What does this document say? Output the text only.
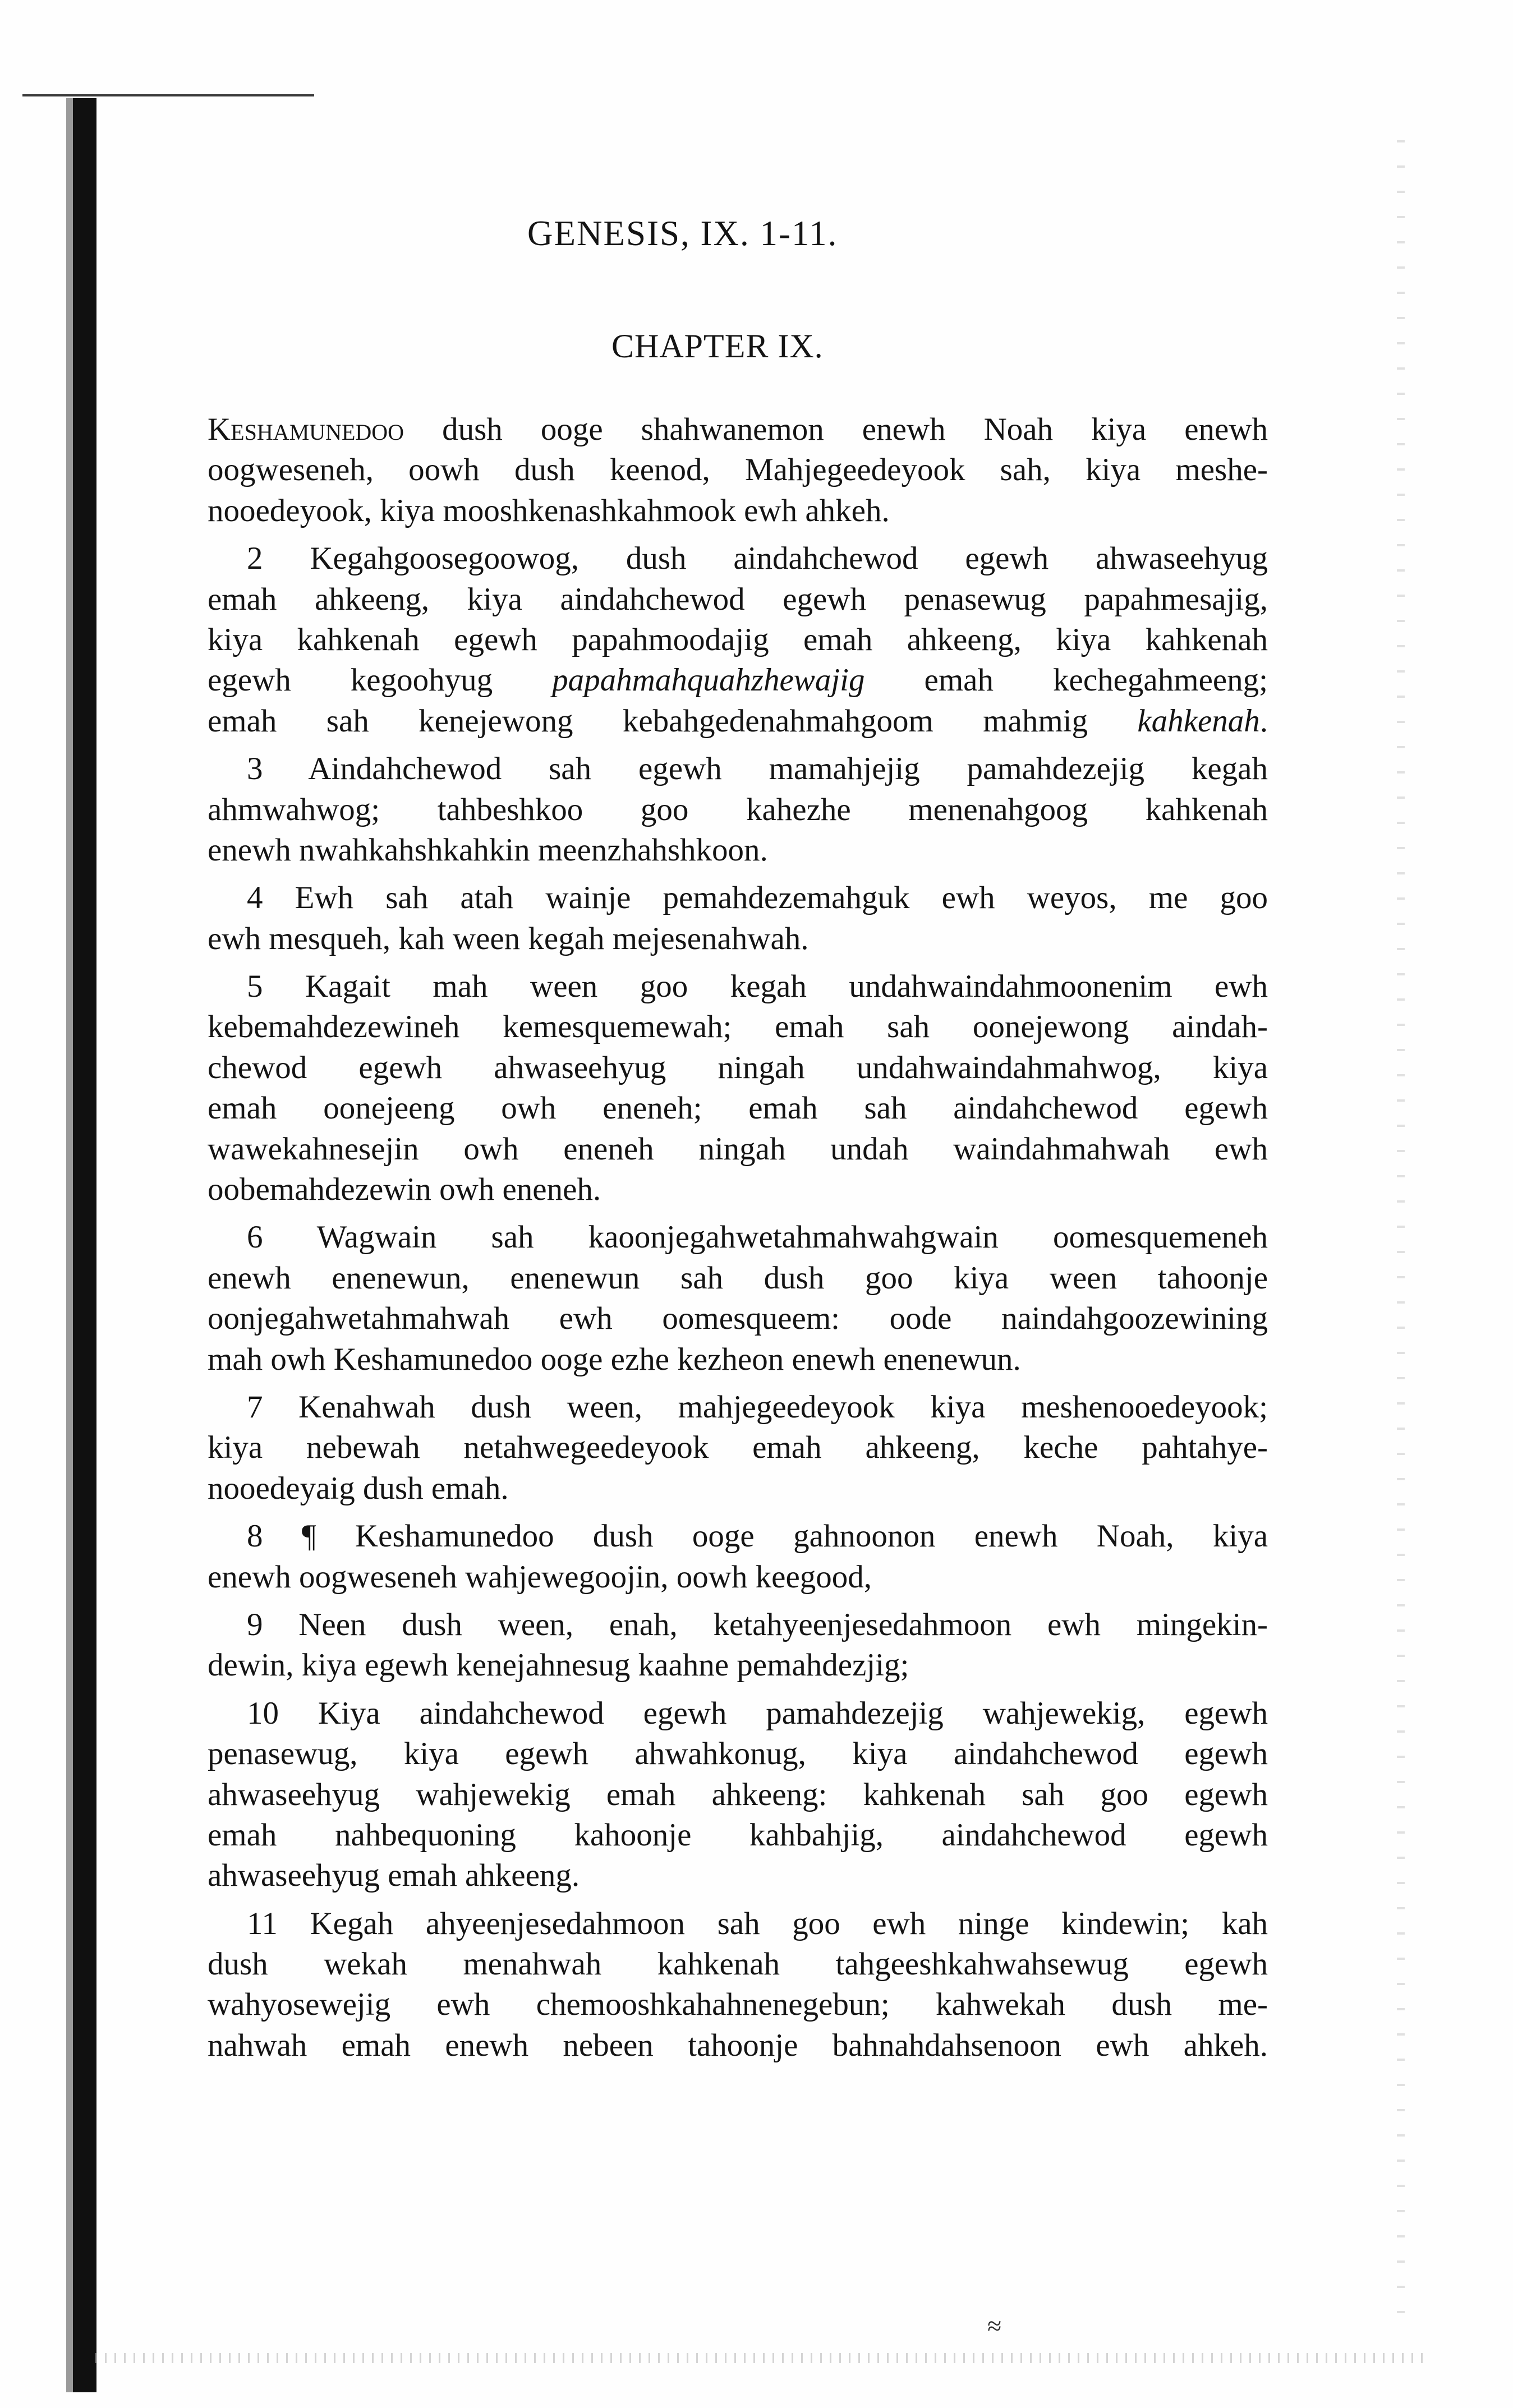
GENESIS, IX. 1-11.
CHAPTER IX.
Keshamunedoo dush ooge shahwanemon enewh Noah kiya enewh
oogweseneh, oowh dush keenod, Mahjegeedeyook sah, kiya meshe-
nooedeyook, kiya mooshkenashkahmook ewh ahkeh.
2 Kegahgoosegoowog, dush aindahchewod egewh ahwaseehyug
emah ahkeeng, kiya aindahchewod egewh penasewug papahmesajig,
kiya kahkenah egewh papahmoodajig emah ahkeeng, kiya kahkenah
egewh kegoohyug papahmahquahzhewajig emah kechegahmeeng;
emah sah kenejewong kebahgedenahmahgoom mahmig kahkenah.
3 Aindahchewod sah egewh mamahjejig pamahdezejig kegah
ahmwahwog; tahbeshkoo goo kahezhe menenahgoog kahkenah
enewh nwahkahshkahkin meenzhahshkoon.
4 Ewh sah atah wainje pemahdezemahguk ewh weyos, me goo
ewh mesqueh, kah ween kegah mejesenahwah.
5 Kagait mah ween goo kegah undahwaindahmoonenim ewh
kebemahdezewineh kemesquemewah; emah sah oonejewong aindah-
chewod egewh ahwaseehyug ningah undahwaindahmahwog, kiya
emah oonejeeng owh eneneh; emah sah aindahchewod egewh
wawekahnesejin owh eneneh ningah undah waindahmahwah ewh
oobemahdezewin owh eneneh.
6 Wagwain sah kaoonjegahwetahmahwahgwain oomesquemeneh
enewh enenewun, enenewun sah dush goo kiya ween tahoonje
oonjegahwetahmahwah ewh oomesqueem: oode naindahgoozewining
mah owh Keshamunedoo ooge ezhe kezheon enewh enenewun.
7 Kenahwah dush ween, mahjegeedeyook kiya meshenooedeyook;
kiya nebewah netahwegeedeyook emah ahkeeng, keche pahtahye-
nooedeyaig dush emah.
8 ¶ Keshamunedoo dush ooge gahnoonon enewh Noah, kiya
enewh oogweseneh wahjewegoojin, oowh keegood,
9 Neen dush ween, enah, ketahyeenjesedahmoon ewh mingekin-
dewin, kiya egewh kenejahnesug kaahne pemahdezjig;
10 Kiya aindahchewod egewh pamahdezejig wahjewekig, egewh
penasewug, kiya egewh ahwahkonug, kiya aindahchewod egewh
ahwaseehyug wahjewekig emah ahkeeng: kahkenah sah goo egewh
emah nahbequoning kahoonje kahbahjig, aindahchewod egewh
ahwaseehyug emah ahkeeng.
11 Kegah ahyeenjesedahmoon sah goo ewh ninge kindewin; kah
dush wekah menahwah kahkenah tahgeeshkahwahsewug egewh
wahyosewejig ewh chemooshkahahnenegebun; kahwekah dush me-
nahwah emah enewh nebeen tahoonje bahnahdahsenoon ewh ahkeh.
≈
